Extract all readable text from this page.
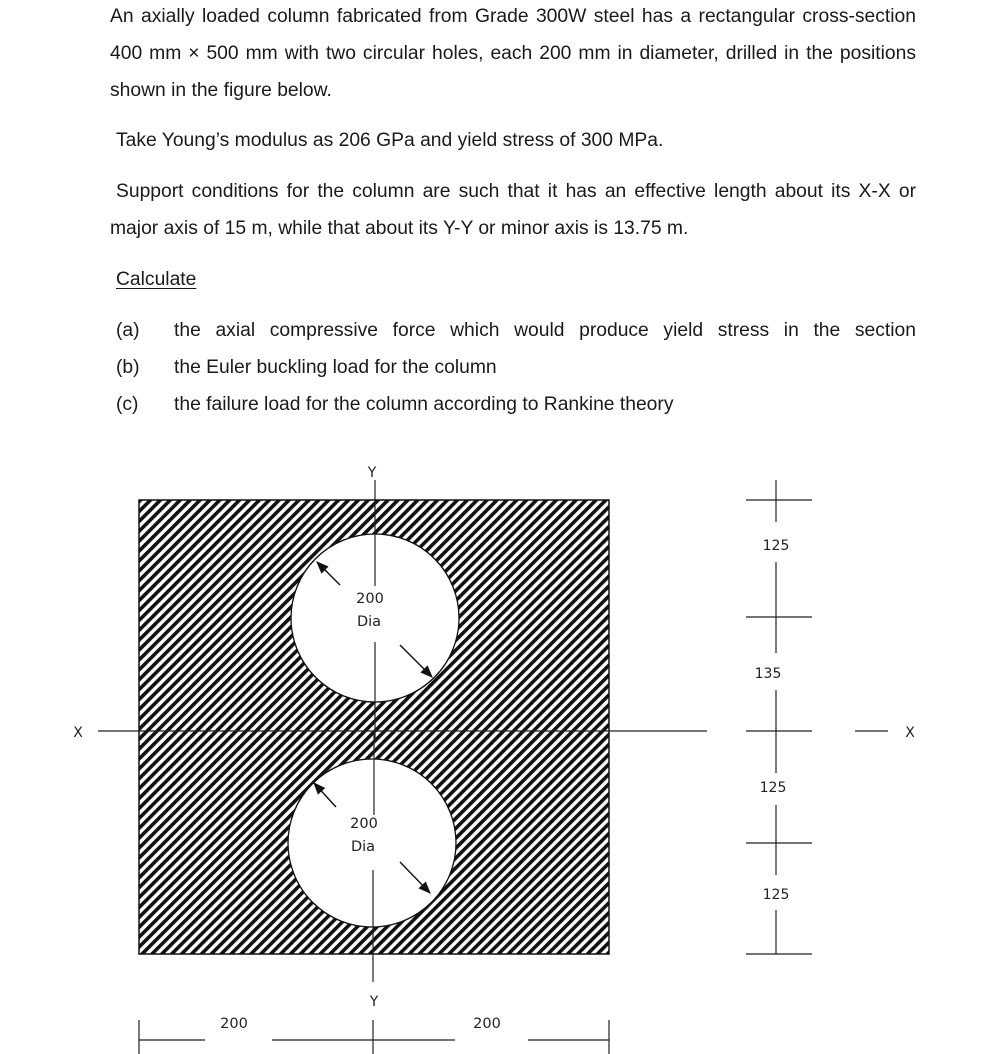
An axially loaded column fabricated from Grade 300W steel has a rectangular cross-section 400 mm × 500 mm with two circular holes, each 200 mm in diameter, drilled in the positions shown in the figure below.

Take Young’s modulus as 206 GPa and yield stress of 300 MPa.

Support conditions for the column are such that it has an effective length about its X-X or major axis of 15 m, while that about its Y-Y or minor axis is 13.75 m.

Calculate
(a) the axial compressive force which would produce yield stress in the section
(b) the Euler buckling load for the column
(c) the failure load for the column according to Rankine theory
Y
Y
X	X
200
Dia
200
Dia
125
135
125
125
200	200
